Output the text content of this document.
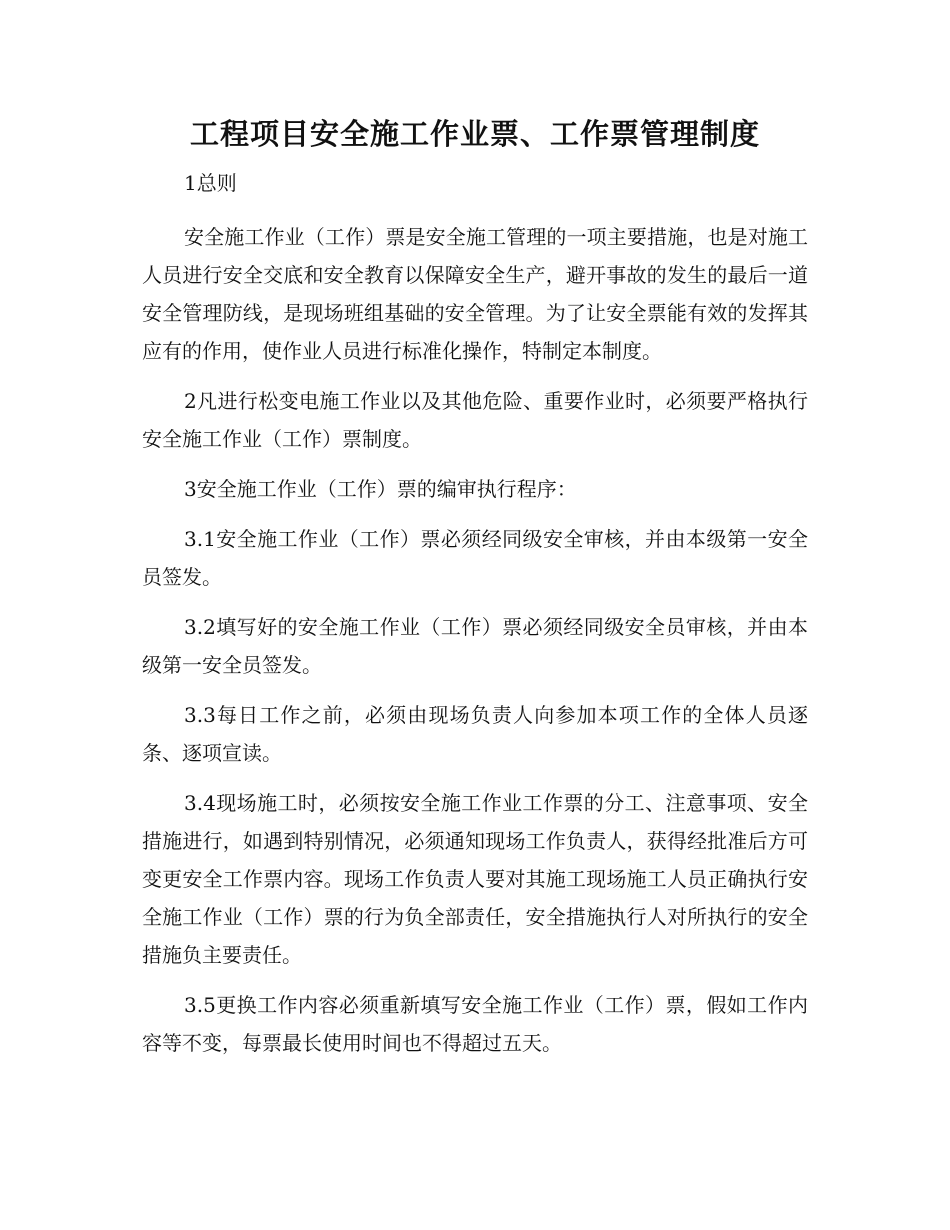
工程项目安全施工作业票、工作票管理制度

1总则

安全施工作业（工作）票是安全施工管理的一项主要措施，也是对施工人员进行安全交底和安全教育以保障安全生产，避开事故的发生的最后一道安全管理防线，是现场班组基础的安全管理。为了让安全票能有效的发挥其应有的作用，使作业人员进行标准化操作，特制定本制度。

2凡进行松变电施工作业以及其他危险、重要作业时，必须要严格执行安全施工作业（工作）票制度。

3安全施工作业（工作）票的编审执行程序：

3.1安全施工作业（工作）票必须经同级安全审核，并由本级第一安全员签发。

3.2填写好的安全施工作业（工作）票必须经同级安全员审核，并由本级第一安全员签发。

3.3每日工作之前，必须由现场负责人向参加本项工作的全体人员逐条、逐项宣读。

3.4现场施工时，必须按安全施工作业工作票的分工、注意事项、安全措施进行，如遇到特别情况，必须通知现场工作负责人，获得经批准后方可变更安全工作票内容。现场工作负责人要对其施工现场施工人员正确执行安全施工作业（工作）票的行为负全部责任，安全措施执行人对所执行的安全措施负主要责任。

3.5更换工作内容必须重新填写安全施工作业（工作）票，假如工作内容等不变，每票最长使用时间也不得超过五天。
